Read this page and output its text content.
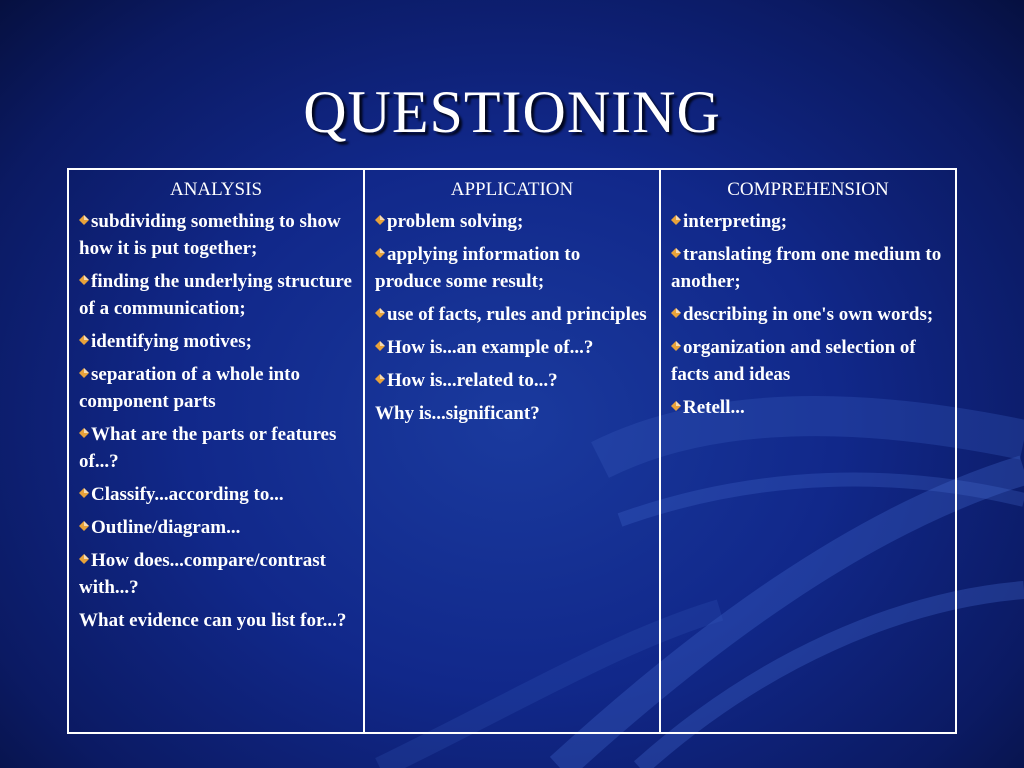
QUESTIONING
ANALYSIS
subdividing something to show how it is put together;
finding the underlying structure of a communication;
identifying motives;
separation of a whole into component parts
What are the parts or features of...?
Classify...according to...
Outline/diagram...
How does...compare/contrast with...?
What evidence can you list for...?
APPLICATION
problem solving;
applying information to produce some result;
use of facts, rules and principles
How is...an example of...?
How is...related to...?
Why is...significant?
COMPREHENSION
interpreting;
translating from one medium to another;
describing in one's own words;
organization and selection of facts and ideas
Retell...
